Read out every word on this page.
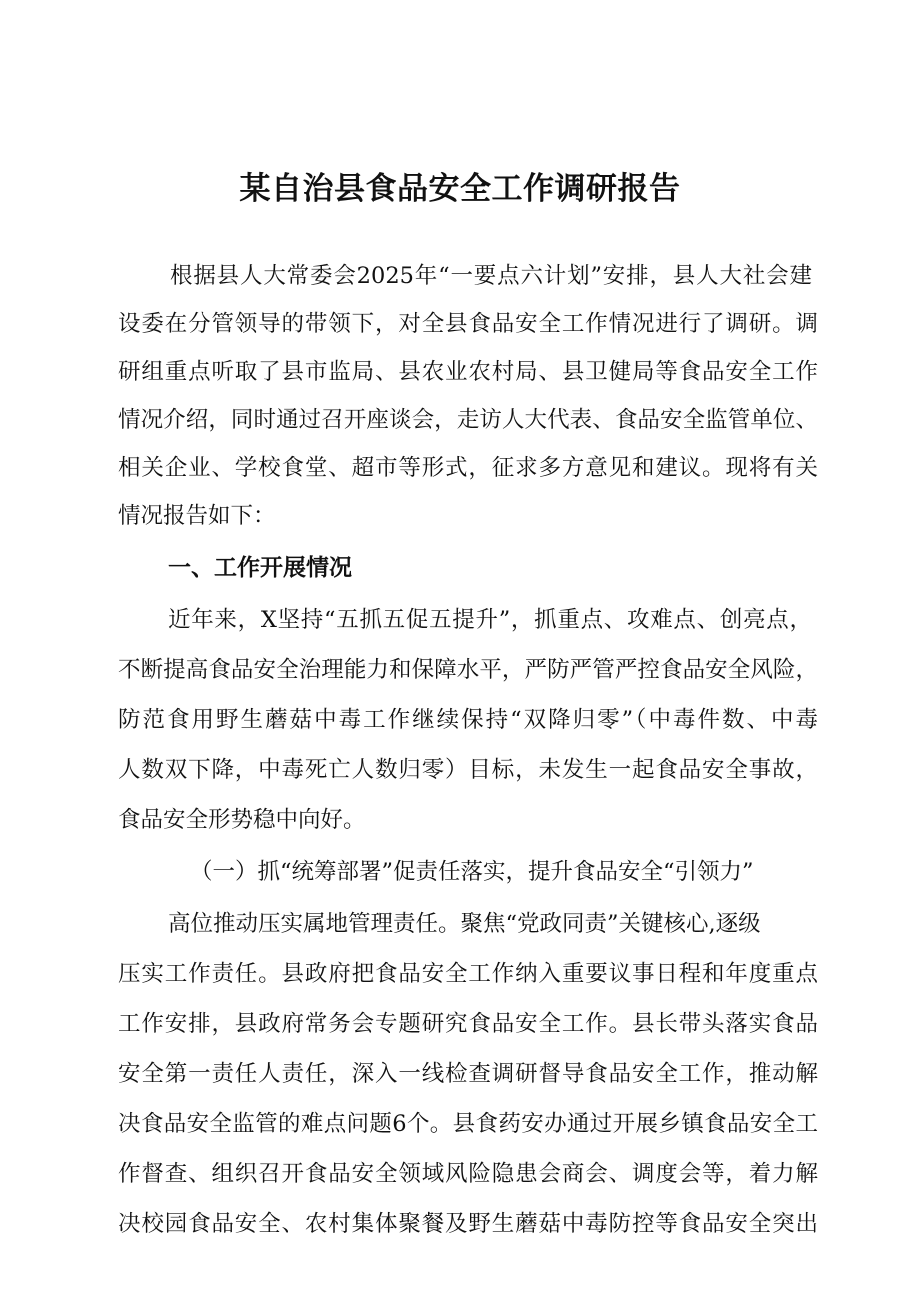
某自治县食品安全工作调研报告
根据县人大常委会2025年“一要点六计划”安排，县人大社会建
设委在分管领导的带领下，对全县食品安全工作情况进行了调研。调
研组重点听取了县市监局、县农业农村局、县卫健局等食品安全工作
情况介绍，同时通过召开座谈会，走访人大代表、食品安全监管单位、
相关企业、学校食堂、超市等形式，征求多方意见和建议。现将有关
情况报告如下：
一、工作开展情况
近年来，X坚持“五抓五促五提升”，抓重点、攻难点、创亮点，
不断提高食品安全治理能力和保障水平，严防严管严控食品安全风险，
防范食用野生蘑菇中毒工作继续保持“双降归零”（中毒件数、中毒
人数双下降，中毒死亡人数归零）目标，未发生一起食品安全事故，
食品安全形势稳中向好。
（一）抓“统筹部署”促责任落实，提升食品安全“引领力”
高位推动压实属地管理责任。聚焦“党政同责”关键核心,逐级
压实工作责任。县政府把食品安全工作纳入重要议事日程和年度重点
工作安排，县政府常务会专题研究食品安全工作。县长带头落实食品
安全第一责任人责任，深入一线检查调研督导食品安全工作，推动解
决食品安全监管的难点问题6个。县食药安办通过开展乡镇食品安全工
作督查、组织召开食品安全领域风险隐患会商会、调度会等，着力解
决校园食品安全、农村集体聚餐及野生蘑菇中毒防控等食品安全突出
